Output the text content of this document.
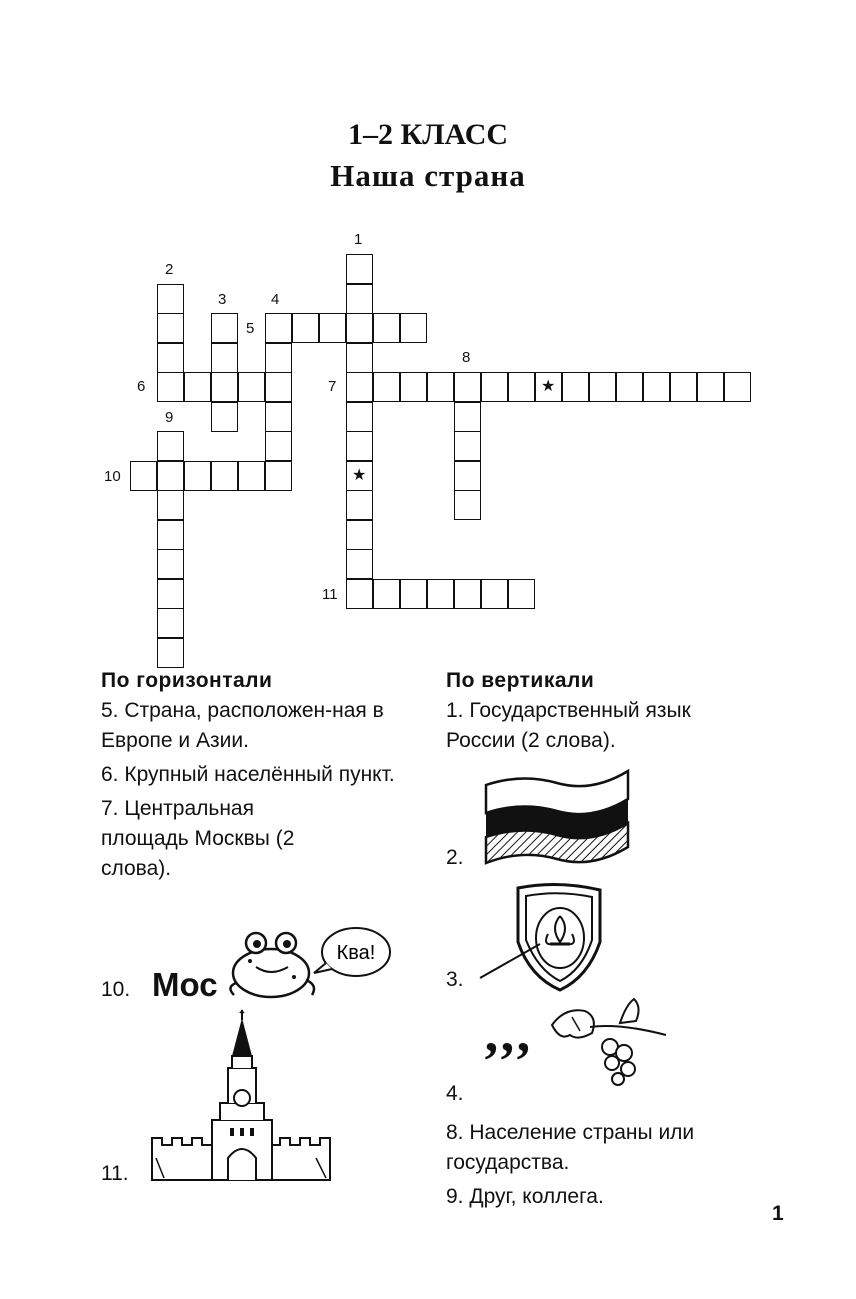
1–2 КЛАСС
Наша страна
1
2
3	4
5
6	7
8
9
10
11
★
★
По горизонтали

5. Страна, расположен-ная в Европе и Азии.

6. Крупный населённый пункт.

7. Центральная площадь Москвы (2 слова).

10. Мос
Ква!
11.
✦
По вертикали

1. Государственный язык России (2 слова).

2.
3.
4.
’’’

8. Население страны или государства.

9. Друг, коллега.

1
